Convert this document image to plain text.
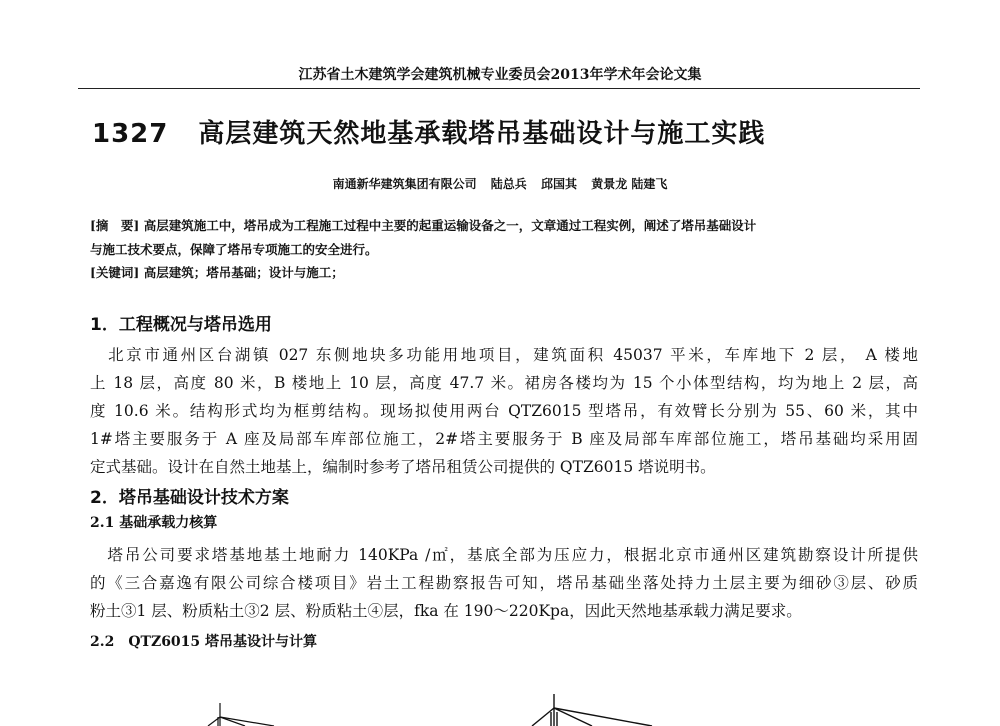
江苏省土木建筑学会建筑机械专业委员会2013年学术年会论文集
1327 高层建筑天然地基承载塔吊基础设计与施工实践
南通新华建筑集团有限公司 陆总兵 邱国其 黄景龙 陆建飞
[摘　要] 高层建筑施工中，塔吊成为工程施工过程中主要的起重运输设备之一，文章通过工程实例，阐述了塔吊基础设计
与施工技术要点，保障了塔吊专项施工的安全进行。
[关键词] 高层建筑；塔吊基础；设计与施工；
1．工程概况与塔吊选用
　北京市通州区台湖镇 027 东侧地块多功能用地项目，建筑面积 45037 平米，车库地下 2 层， A 楼地
上 18 层，高度 80 米，B 楼地上 10 层，高度 47.7 米。裙房各楼均为 15 个小体型结构，均为地上 2 层，高
度 10.6 米。结构形式均为框剪结构。现场拟使用两台 QTZ6015 型塔吊，有效臂长分别为 55、60 米，其中
1#塔主要服务于 A 座及局部车库部位施工，2#塔主要服务于 B 座及局部车库部位施工，塔吊基础均采用固
定式基础。设计在自然土地基上，编制时参考了塔吊租赁公司提供的 QTZ6015 塔说明书。
2．塔吊基础设计技术方案
2.1 基础承载力核算
　塔吊公司要求塔基地基土地耐力 140KPa /㎡，基底全部为压应力，根据北京市通州区建筑勘察设计所提供
的《三合嘉逸有限公司综合楼项目》岩土工程勘察报告可知，塔吊基础坐落处持力土层主要为细砂③层、砂质
粉土③1 层、粉质粘土③2 层、粉质粘土④层，fka 在 190～220Kpa，因此天然地基承载力满足要求。
2.2　QTZ6015 塔吊基设计与计算
